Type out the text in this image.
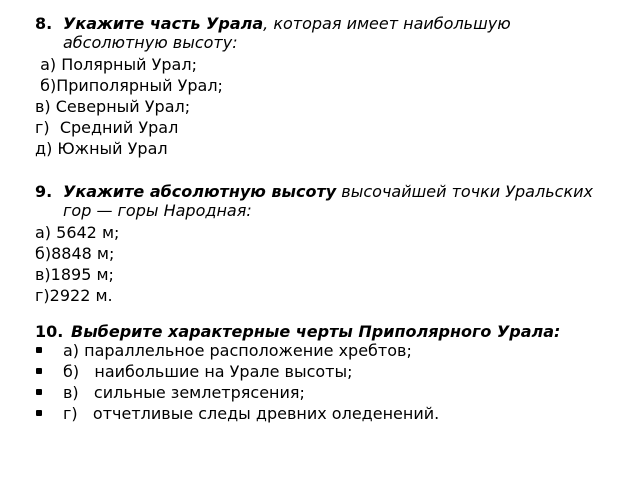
8. Укажите часть Урала, которая имеет наибольшую абсолютную высоту:
а) Полярный Урал;
б)Приполярный Урал;
в) Северный Урал;
г)  Средний Урал
д) Южный Урал
9. Укажите абсолютную высоту высочайшей точки Уральских гор — горы Народная:
а) 5642 м;
б)8848 м;
в)1895 м;
г)2922 м.
10. Выберите характерные черты Приполярного Урала:
а) параллельное расположение хребтов;
б)   наибольшие на Урале высоты;
в)   сильные землетрясения;
г)   отчетливые следы древних оледенений.
